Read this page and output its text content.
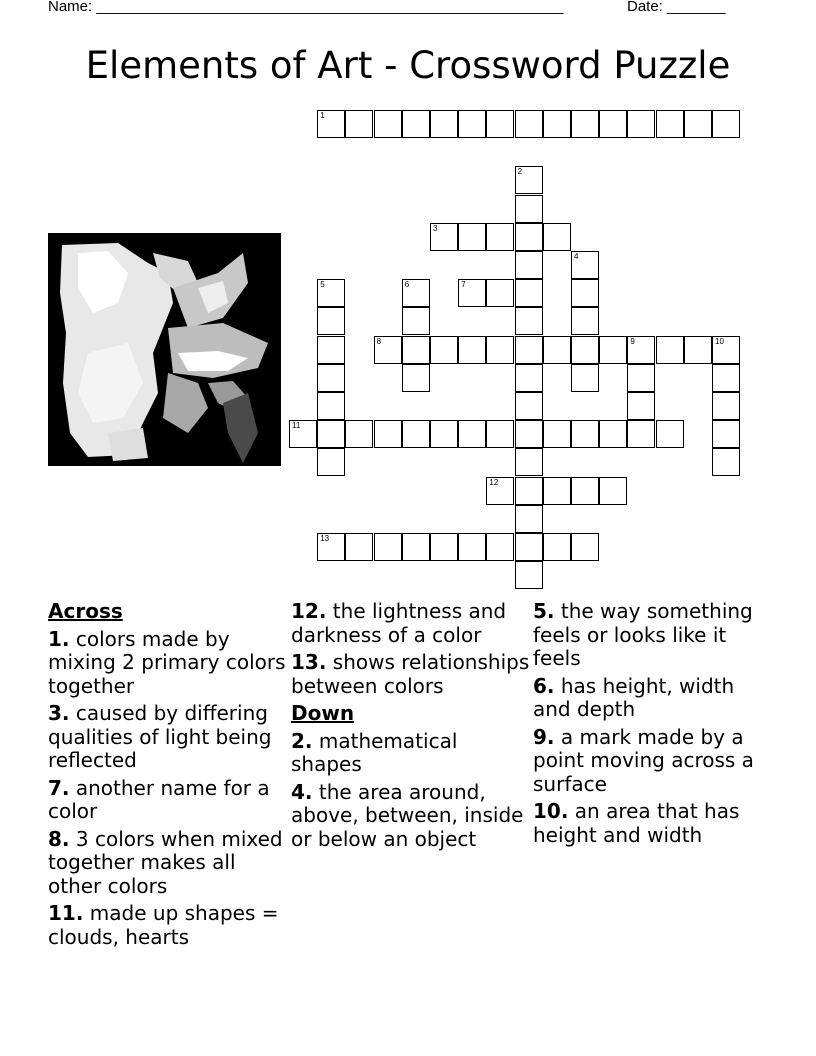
Name: ________________________________________________________	Date: _______
Elements of Art - Crossword Puzzle
1
2
3
4
5	6	7
8	9	10
11
12
13
Across

1. colors made by mixing 2 primary colors together

3. caused by differing qualities of light being reflected

7. another name for a color

8. 3 colors when mixed together makes all other colors

11. made up shapes = clouds, hearts

12. the lightness and darkness of a color

13. shows relationships between colors

Down

2. mathematical shapes

4. the area around, above, between, inside or below an object

5. the way something feels or looks like it feels

6. has height, width and depth

9. a mark made by a point moving across a surface

10. an area that has height and width
